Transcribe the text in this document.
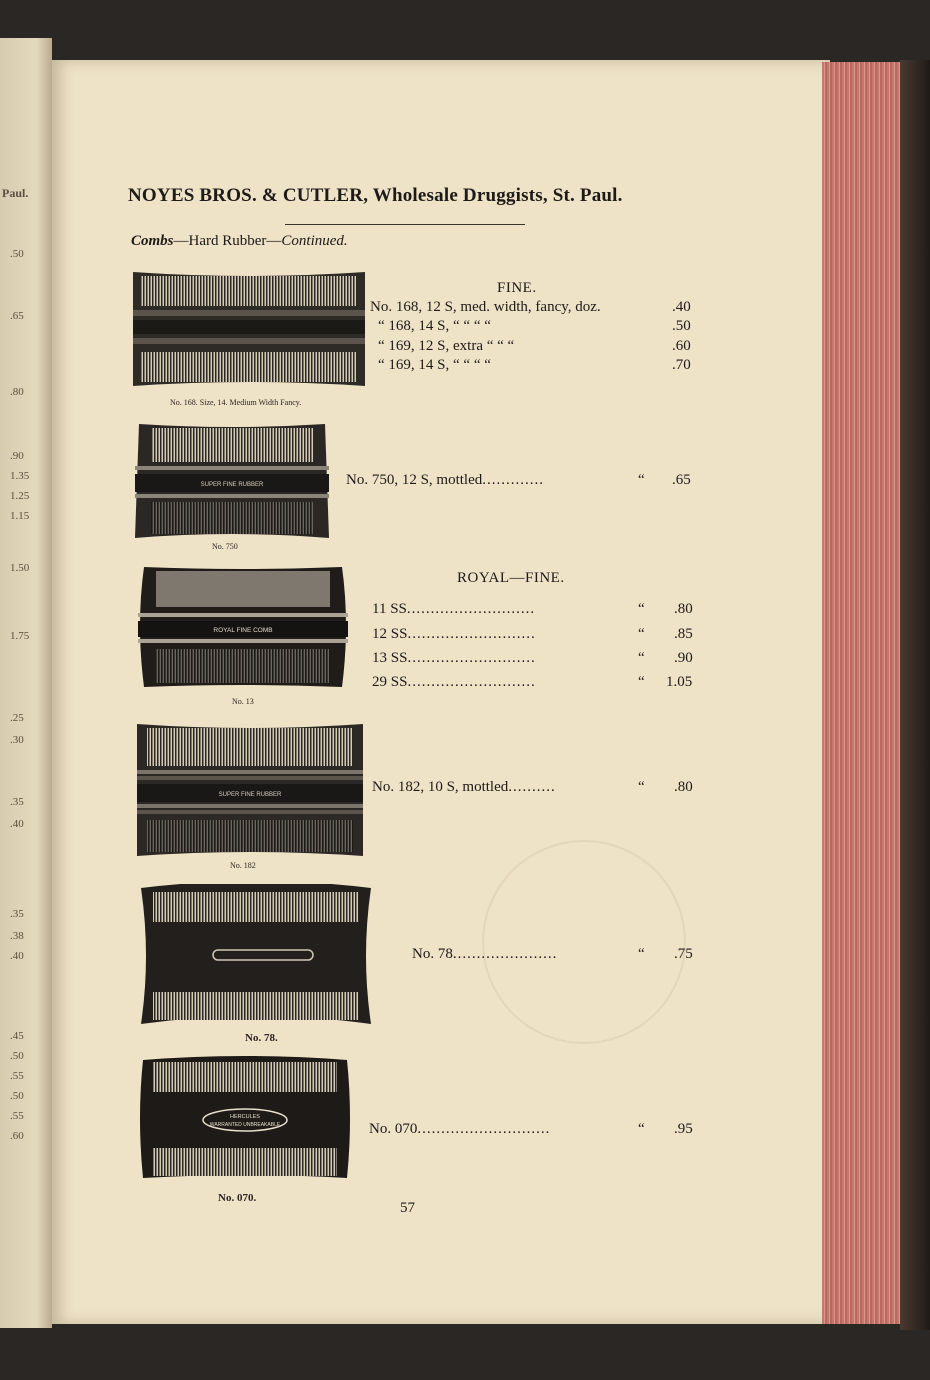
Paul.
.50
.65
.80
.90
1.35
1.25
1.15
1.50
1.75
.25
.30
.35
.40
.35
.38
.40
.45
.50
.55
.50
.55
.60
NOYES BROS. & CUTLER, Wholesale Druggists, St. Paul.
Combs—Hard Rubber—Continued.
No. 168. Size, 14. Medium Width Fancy.
SUPER FINE RUBBER
No. 750
ROYAL FINE COMB
No. 13
SUPER FINE RUBBER
No. 182
No. 78.
HERCULES
WARRANTED UNBREAKABLE
No. 070.
FINE.
No. 168, 12 S, med. width, fancy, doz.	.40
“ 168, 14 S, “ “ “ “	.50
“ 169, 12 S, extra “ “ “	.60
“ 169, 14 S, “ “ “ “	.70
No. 750, 12 S, mottled.............	“ .65
ROYAL—FINE.
11 SS...........................	“ .80
12 SS...........................	“ .85
13 SS...........................	“ .90
29 SS...........................	“ 1.05
No. 182, 10 S, mottled..........	“ .80
No. 78......................	“ .75
No. 070............................	“ .95
57
